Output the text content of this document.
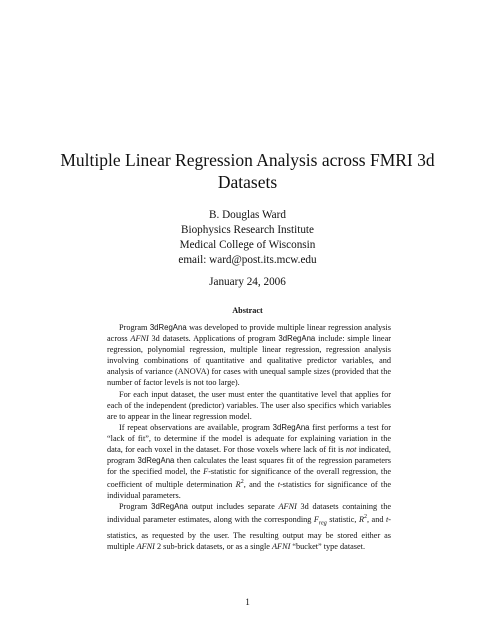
Multiple Linear Regression Analysis across FMRI 3d
Datasets
B. Douglas Ward
Biophysics Research Institute
Medical College of Wisconsin
email: ward@post.its.mcw.edu
January 24, 2006
Abstract

Program 3dRegAna was developed to provide multiple linear regression analysis across AFNI 3d datasets. Applications of program 3dRegAna include: simple linear regression, polynomial regression, multiple linear regression, regression analysis involving combinations of quantitative and qualitative predictor variables, and analysis of variance (ANOVA) for cases with unequal sample sizes (provided that the number of factor levels is not too large).

For each input dataset, the user must enter the quantitative level that applies for each of the independent (predictor) variables. The user also specifics which variables are to appear in the linear regression model.

If repeat observations are available, program 3dRegAna first performs a test for “lack of fit”, to determine if the model is adequate for explaining variation in the data, for each voxel in the dataset. For those voxels where lack of fit is not indicated, program 3dRegAna then calculates the least squares fit of the regression parameters for the specified model, the F-statistic for significance of the overall regression, the coefficient of multiple determination $R^2$, and the t-statistics for significance of the individual parameters.

Program 3dRegAna output includes separate AFNI 3d datasets containing the individual parameter estimates, along with the corresponding $F_{reg}$ statistic, $R^2$, and t-statistics, as requested by the user. The resulting output may be stored either as multiple AFNI 2 sub-brick datasets, or as a single AFNI “bucket” type dataset.

1
